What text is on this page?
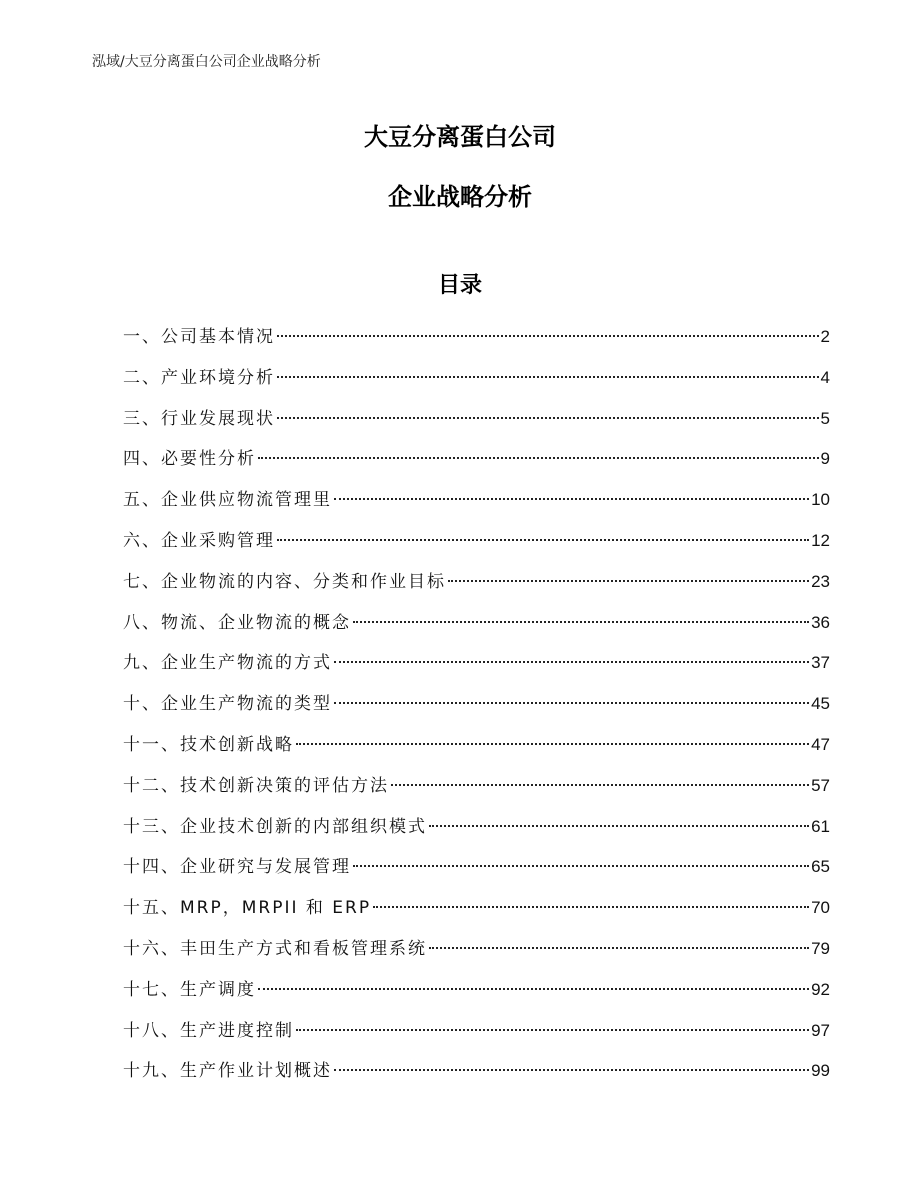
泓域/大豆分离蛋白公司企业战略分析
大豆分离蛋白公司
企业战略分析
目录
一、 公司基本情况	2
二、 产业环境分析	4
三、 行业发展现状	5
四、 必要性分析	9
五、 企业供应物流管理里	10
六、 企业采购管理	12
七、 企业物流的内容、分类和作业目标	23
八、 物流、企业物流的概念	36
九、 企业生产物流的方式	37
十、 企业生产物流的类型	45
十一、 技术创新战略	47
十二、 技术创新决策的评估方法	57
十三、 企业技术创新的内部组织模式	61
十四、 企业研究与发展管理	65
十五、 MRP，MRPII 和 ERP	70
十六、 丰田生产方式和看板管理系统	79
十七、 生产调度	92
十八、 生产进度控制	97
十九、 生产作业计划概述	99
